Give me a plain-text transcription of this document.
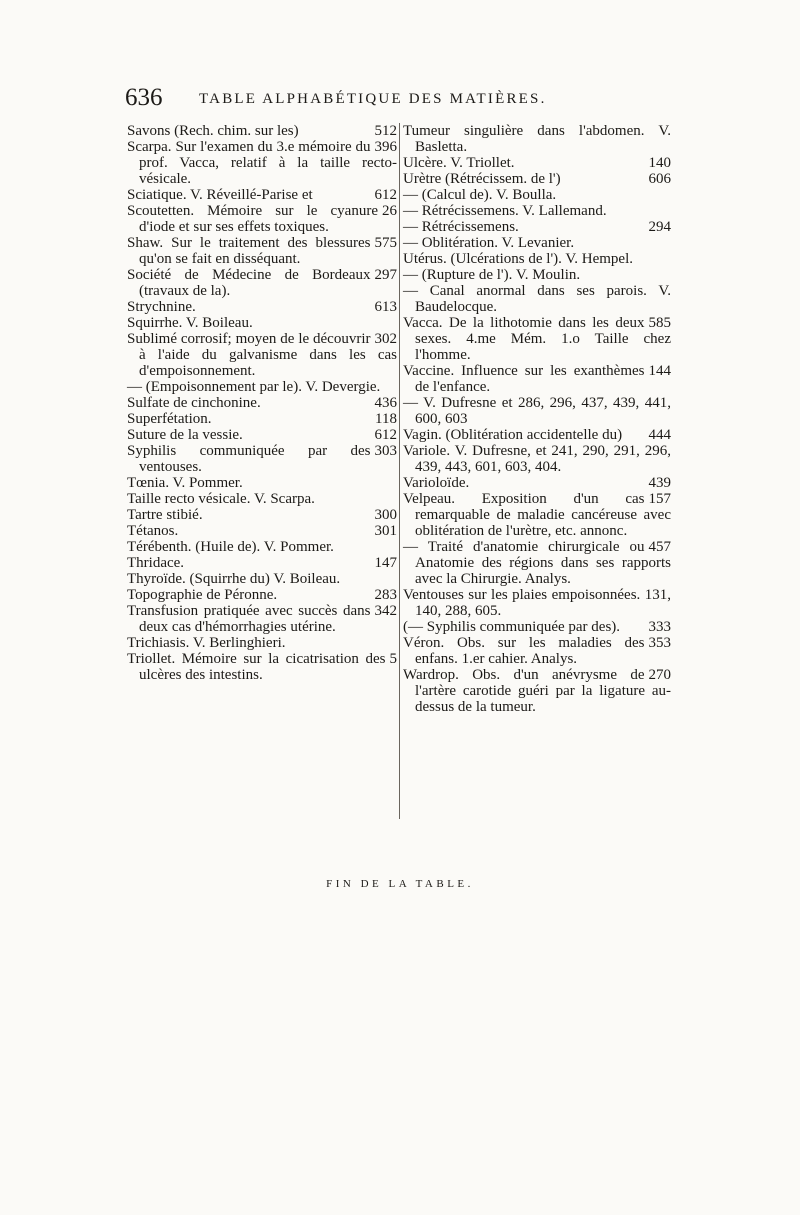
636 TABLE ALPHABÉTIQUE DES MATIÈRES.
512
Savons (Rech. chim. sur les)
396
Scarpa. Sur l'examen du 3.e mémoire du prof. Vacca, relatif à la taille recto-vésicale.
612
Sciatique. V. Réveillé-Parise et
26
Scoutetten. Mémoire sur le cyanure d'iode et sur ses effets toxiques.
575
Shaw. Sur le traitement des blessures qu'on se fait en disséquant.
297
Société de Médecine de Bordeaux (travaux de la).
613
Strychnine.
Squirrhe. V. Boileau.
302
Sublimé corrosif; moyen de le découvrir à l'aide du galvanisme dans les cas d'empoisonnement.
— (Empoisonnement par le). V. Devergie.
436
Sulfate de cinchonine.
118
Superfétation.
612
Suture de la vessie.
303
Syphilis communiquée par des ventouses.
Tœnia. V. Pommer.
Taille recto vésicale. V. Scarpa.
300
Tartre stibié.
301
Tétanos.
Térébenth. (Huile de). V. Pommer.
147
Thridace.
Thyroïde. (Squirrhe du) V. Boileau.
283
Topographie de Péronne.
342
Transfusion pratiquée avec succès dans deux cas d'hémorrhagies utérine.
Trichiasis. V. Berlinghieri.
5
Triollet. Mémoire sur la cicatrisation des ulcères des intestins.
Tumeur singulière dans l'abdomen. V. Basletta.
140
Ulcère. V. Triollet.
606
Urètre (Rétrécissem. de l')
— (Calcul de). V. Boulla.
— Rétrécissemens. V. Lallemand.
294
— Rétrécissemens.
— Oblitération. V. Levanier.
Utérus. (Ulcérations de l'). V. Hempel.
— (Rupture de l'). V. Moulin.
— Canal anormal dans ses parois. V. Baudelocque.
585
Vacca. De la lithotomie dans les deux sexes. 4.me Mém. 1.o Taille chez l'homme.
144
Vaccine. Influence sur les exanthèmes de l'enfance.
— V. Dufresne et 286, 296, 437, 439, 441, 600, 603
444
Vagin. (Oblitération accidentelle du)
Variole. V. Dufresne, et 241, 290, 291, 296, 439, 443, 601, 603, 404.
439
Varioloïde.
157
Velpeau. Exposition d'un cas remarquable de maladie cancéreuse avec oblitération de l'urètre, etc. annonc.
457
— Traité d'anatomie chirurgicale ou Anatomie des régions dans ses rapports avec la Chirurgie. Analys.
Ventouses sur les plaies empoisonnées. 131, 140, 288, 605.
333
(— Syphilis communiquée par des).
353
Véron. Obs. sur les maladies des enfans. 1.er cahier. Analys.
270
Wardrop. Obs. d'un anévrysme de l'artère carotide guéri par la ligature au-dessus de la tumeur.
FIN DE LA TABLE.
